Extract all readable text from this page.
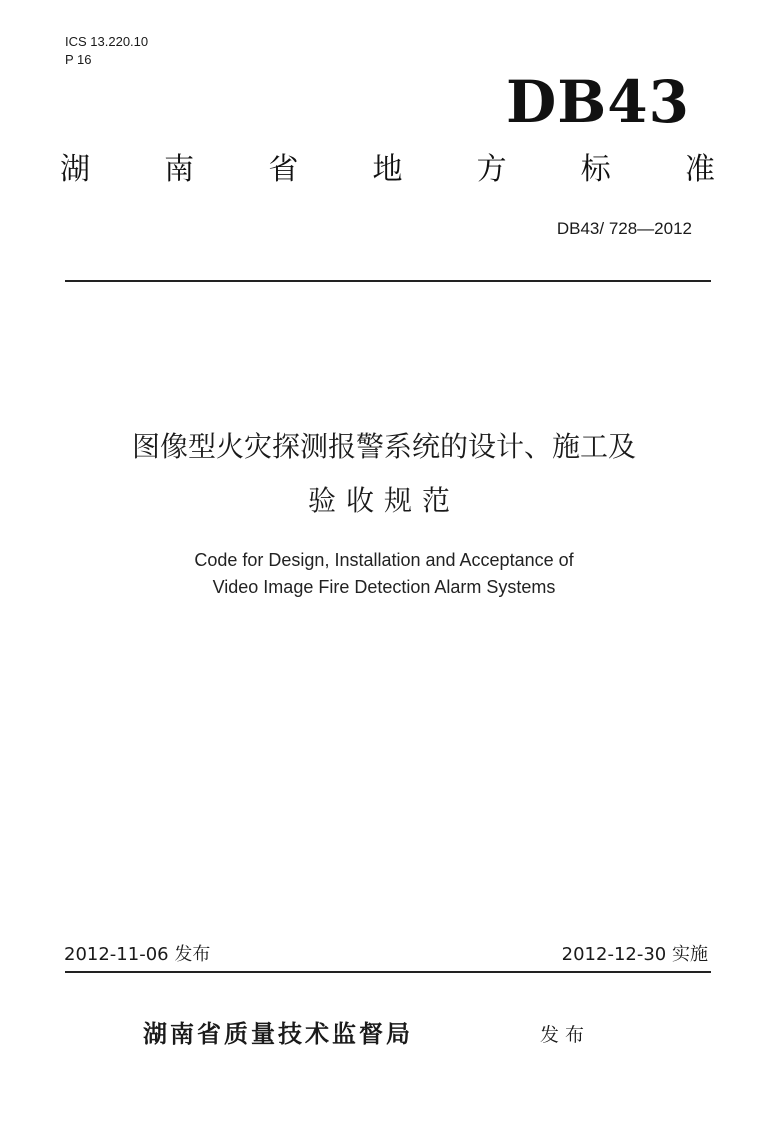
ICS 13.220.10
P 16
DB43
湖 南 省 地 方 标 准
DB43/ 728—2012
图像型火灾探测报警系统的设计、施工及
验收规范
Code for Design, Installation and Acceptance of
Video Image Fire Detection Alarm Systems
2012-11-06 发布	2012-12-30 实施
湖南省质量技术监督局	发布
